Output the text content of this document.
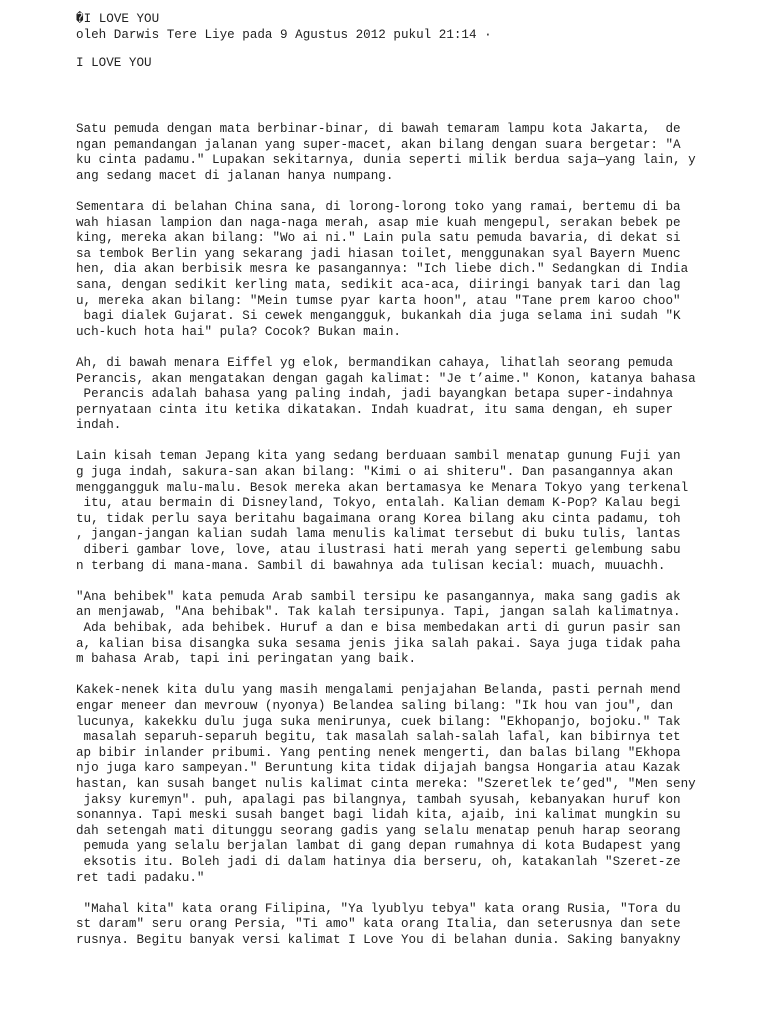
�I LOVE YOU
oleh Darwis Tere Liye pada 9 Agustus 2012 pukul 21:14 ·
I LOVE YOU
Satu pemuda dengan mata berbinar-binar, di bawah temaram lampu kota Jakarta,  de
ngan pemandangan jalanan yang super-macet, akan bilang dengan suara bergetar: "A
ku cinta padamu." Lupakan sekitarnya, dunia seperti milik berdua saja—yang lain, y
ang sedang macet di jalanan hanya numpang.
Sementara di belahan China sana, di lorong-lorong toko yang ramai, bertemu di ba
wah hiasan lampion dan naga-naga merah, asap mie kuah mengepul, serakan bebek pe
king, mereka akan bilang: "Wo ai ni." Lain pula satu pemuda bavaria, di dekat si
sa tembok Berlin yang sekarang jadi hiasan toilet, menggunakan syal Bayern Muenc
hen, dia akan berbisik mesra ke pasangannya: "Ich liebe dich." Sedangkan di India
sana, dengan sedikit kerling mata, sedikit aca-aca, diiringi banyak tari dan lag
u, mereka akan bilang: "Mein tumse pyar karta hoon", atau "Tane prem karoo choo"
bagi dialek Gujarat. Si cewek mengangguk, bukankah dia juga selama ini sudah "K
uch-kuch hota hai" pula? Cocok? Bukan main.
Ah, di bawah menara Eiffel yg elok, bermandikan cahaya, lihatlah seorang pemuda
Perancis, akan mengatakan dengan gagah kalimat: "Je t’aime." Konon, katanya bahasa
Perancis adalah bahasa yang paling indah, jadi bayangkan betapa super-indahnya
pernyataan cinta itu ketika dikatakan. Indah kuadrat, itu sama dengan, eh super
indah.
Lain kisah teman Jepang kita yang sedang berduaan sambil menatap gunung Fuji yan
g juga indah, sakura-san akan bilang: "Kimi o ai shiteru". Dan pasangannya akan
menggangguk malu-malu. Besok mereka akan bertamasya ke Menara Tokyo yang terkenal
itu, atau bermain di Disneyland, Tokyo, entalah. Kalian demam K-Pop? Kalau begi
tu, tidak perlu saya beritahu bagaimana orang Korea bilang aku cinta padamu, toh
, jangan-jangan kalian sudah lama menulis kalimat tersebut di buku tulis, lantas
diberi gambar love, love, atau ilustrasi hati merah yang seperti gelembung sabu
n terbang di mana-mana. Sambil di bawahnya ada tulisan kecial: muach, muuachh.
"Ana behibek" kata pemuda Arab sambil tersipu ke pasangannya, maka sang gadis ak
an menjawab, "Ana behibak". Tak kalah tersipunya. Tapi, jangan salah kalimatnya.
Ada behibak, ada behibek. Huruf a dan e bisa membedakan arti di gurun pasir san
a, kalian bisa disangka suka sesama jenis jika salah pakai. Saya juga tidak paha
m bahasa Arab, tapi ini peringatan yang baik.
Kakek-nenek kita dulu yang masih mengalami penjajahan Belanda, pasti pernah mend
engar meneer dan mevrouw (nyonya) Belandea saling bilang: "Ik hou van jou", dan
lucunya, kakekku dulu juga suka menirunya, cuek bilang: "Ekhopanjo, bojoku." Tak
masalah separuh-separuh begitu, tak masalah salah-salah lafal, kan bibirnya tet
ap bibir inlander pribumi. Yang penting nenek mengerti, dan balas bilang "Ekhopa
njo juga karo sampeyan." Beruntung kita tidak dijajah bangsa Hongaria atau Kazak
hastan, kan susah banget nulis kalimat cinta mereka: "Szeretlek te’ged", "Men seny
jaksy kuremyn". puh, apalagi pas bilangnya, tambah syusah, kebanyakan huruf kon
sonannya. Tapi meski susah banget bagi lidah kita, ajaib, ini kalimat mungkin su
dah setengah mati ditunggu seorang gadis yang selalu menatap penuh harap seorang
pemuda yang selalu berjalan lambat di gang depan rumahnya di kota Budapest yang
eksotis itu. Boleh jadi di dalam hatinya dia berseru, oh, katakanlah "Szeret-ze
ret tadi padaku."
"Mahal kita" kata orang Filipina, "Ya lyublyu tebya" kata orang Rusia, "Tora du
st daram" seru orang Persia, "Ti amo" kata orang Italia, dan seterusnya dan sete
rusnya. Begitu banyak versi kalimat I Love You di belahan dunia. Saking banyakny
